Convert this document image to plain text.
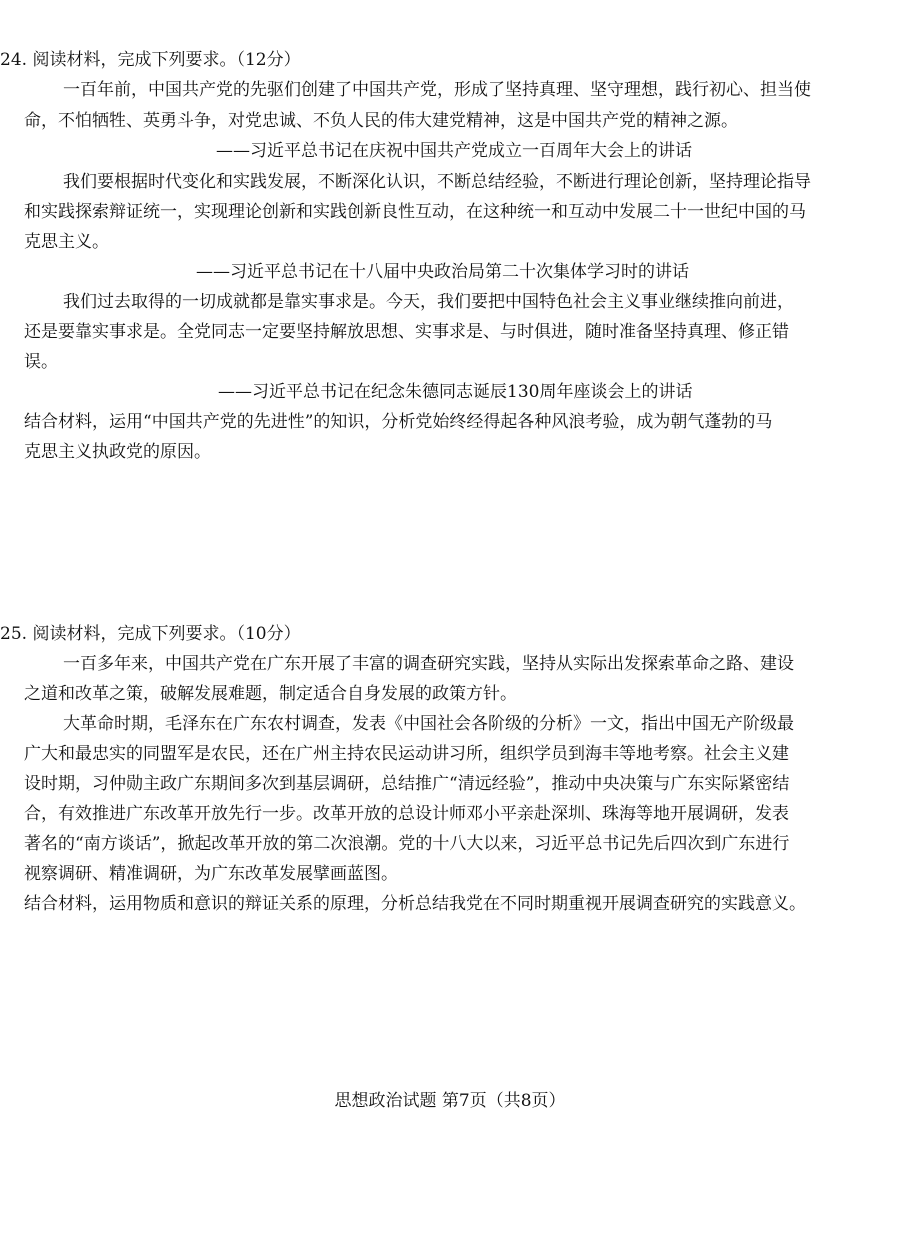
24. 阅读材料，完成下列要求。（12分）
一百年前，中国共产党的先驱们创建了中国共产党，形成了坚持真理、坚守理想，践行初心、担当使
命，不怕牺牲、英勇斗争，对党忠诚、不负人民的伟大建党精神，这是中国共产党的精神之源。
——习近平总书记在庆祝中国共产党成立一百周年大会上的讲话
我们要根据时代变化和实践发展，不断深化认识，不断总结经验，不断进行理论创新，坚持理论指导
和实践探索辩证统一，实现理论创新和实践创新良性互动，在这种统一和互动中发展二十一世纪中国的马
克思主义。
——习近平总书记在十八届中央政治局第二十次集体学习时的讲话
我们过去取得的一切成就都是靠实事求是。今天，我们要把中国特色社会主义事业继续推向前进，
还是要靠实事求是。全党同志一定要坚持解放思想、实事求是、与时俱进，随时准备坚持真理、修正错
误。
——习近平总书记在纪念朱德同志诞辰130周年座谈会上的讲话
结合材料，运用“中国共产党的先进性”的知识，分析党始终经得起各种风浪考验，成为朝气蓬勃的马
克思主义执政党的原因。
25. 阅读材料，完成下列要求。（10分）
一百多年来，中国共产党在广东开展了丰富的调查研究实践，坚持从实际出发探索革命之路、建设
之道和改革之策，破解发展难题，制定适合自身发展的政策方针。
大革命时期，毛泽东在广东农村调查，发表《中国社会各阶级的分析》一文，指出中国无产阶级最
广大和最忠实的同盟军是农民，还在广州主持农民运动讲习所，组织学员到海丰等地考察。社会主义建
设时期，习仲勋主政广东期间多次到基层调研，总结推广“清远经验”，推动中央决策与广东实际紧密结
合，有效推进广东改革开放先行一步。改革开放的总设计师邓小平亲赴深圳、珠海等地开展调研，发表
著名的“南方谈话”，掀起改革开放的第二次浪潮。党的十八大以来，习近平总书记先后四次到广东进行
视察调研、精准调研，为广东改革发展擘画蓝图。
结合材料，运用物质和意识的辩证关系的原理，分析总结我党在不同时期重视开展调查研究的实践意义。
思想政治试题 第7页（共8页）
